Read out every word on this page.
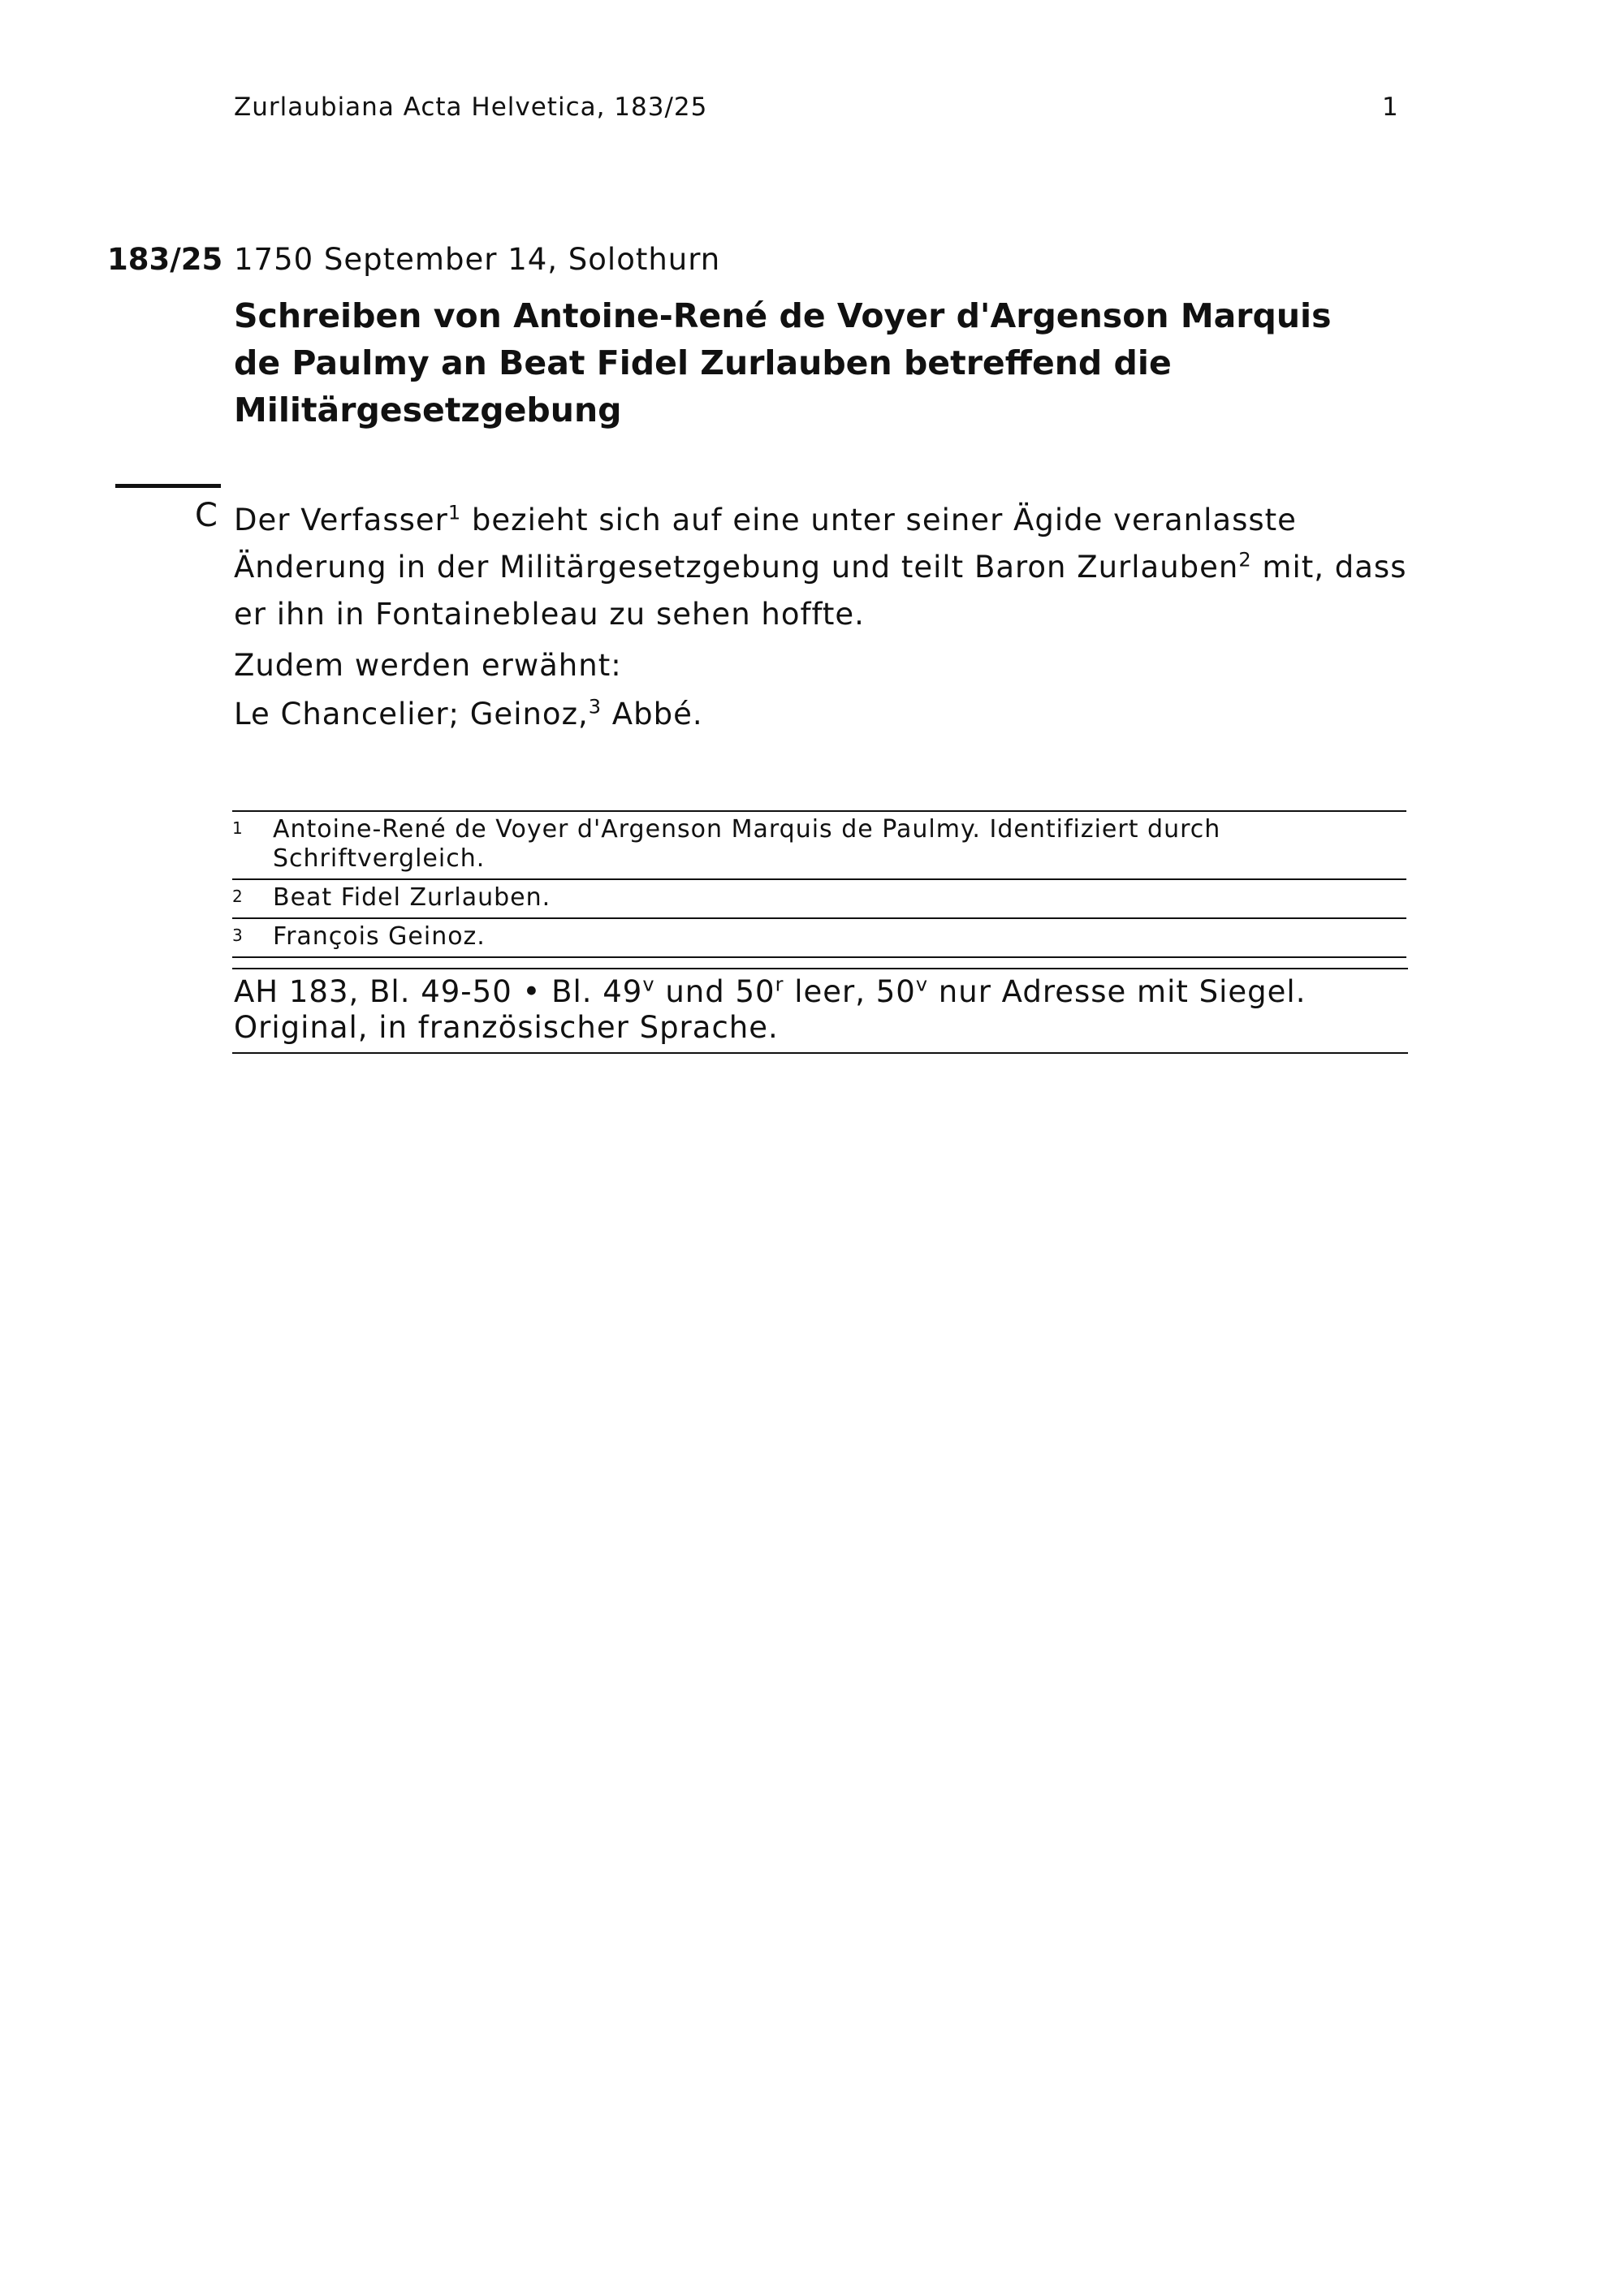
Zurlaubiana Acta Helvetica, 183/25	1
183/25 1750 September 14, Solothurn
Schreiben von Antoine-René de Voyer d'Argenson Marquis de Paulmy an Beat Fidel Zurlauben betreffend die Militärgesetzgebung
C Der Verfasser$^1$ bezieht sich auf eine unter seiner Ägide veranlasste Änderung in der Militärgesetzgebung und teilt Baron Zurlauben$^2$ mit, dass er ihn in Fontainebleau zu sehen hoffte.

Zudem werden erwähnt:
Le Chancelier; Geinoz,$^3$ Abbé.
1 Antoine-René de Voyer d'Argenson Marquis de Paulmy. Identifiziert durch Schriftvergleich.
2 Beat Fidel Zurlauben.
3 François Geinoz.
AH 183, Bl. 49-50 • Bl. 49$^v$ und 50$^r$ leer, 50$^v$ nur Adresse mit Siegel.
Original, in französischer Sprache.
